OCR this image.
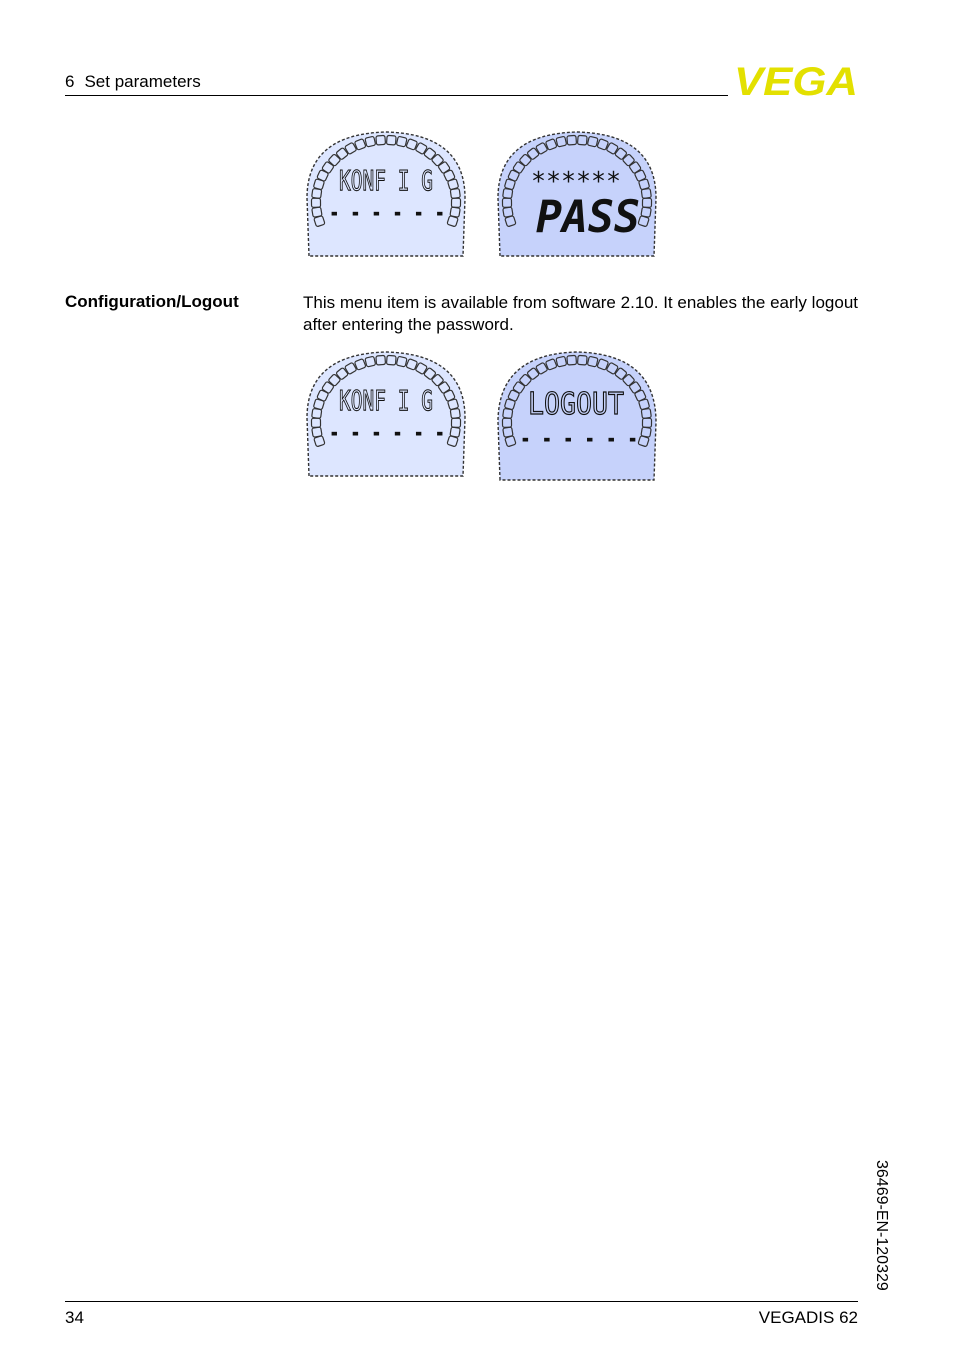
6 Set parameters	VEGA
KONF I G
- - - - - -
******
PASS
Configuration/Logout	This menu item is available from software 2.10. It enables the early logout after entering the password.
KONF I G
- - - - - -
LOGOUT
- - - - - -
36469-EN-120329
34	VEGADIS 62
